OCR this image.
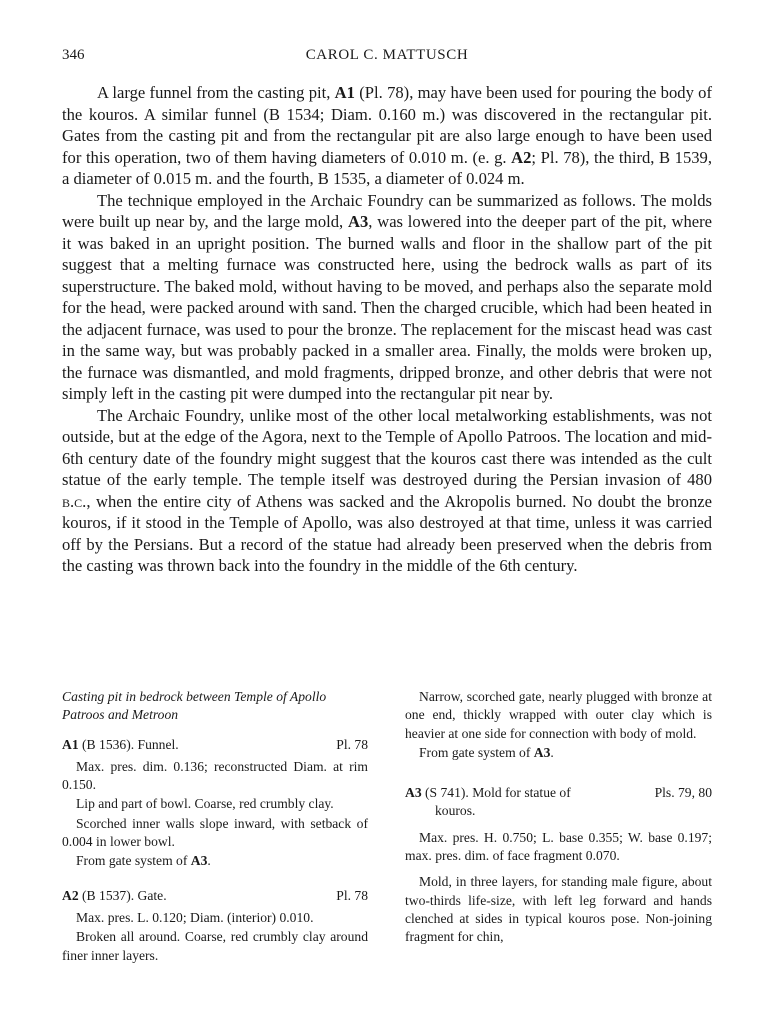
346	CAROL C. MATTUSCH

A large funnel from the casting pit, A1 (Pl. 78), may have been used for pouring the body of the kouros. A similar funnel (B 1534; Diam. 0.160 m.) was discovered in the rectangular pit. Gates from the casting pit and from the rectangular pit are also large enough to have been used for this operation, two of them having diameters of 0.010 m. (e. g. A2; Pl. 78), the third, B 1539, a diameter of 0.015 m. and the fourth, B 1535, a diameter of 0.024 m.

The technique employed in the Archaic Foundry can be summarized as follows. The molds were built up near by, and the large mold, A3, was lowered into the deeper part of the pit, where it was baked in an upright position. The burned walls and floor in the shallow part of the pit suggest that a melting furnace was constructed here, using the bedrock walls as part of its superstructure. The baked mold, without having to be moved, and perhaps also the separate mold for the head, were packed around with sand. Then the charged crucible, which had been heated in the adjacent furnace, was used to pour the bronze. The replacement for the miscast head was cast in the same way, but was probably packed in a smaller area. Finally, the molds were broken up, the furnace was dismantled, and mold fragments, dripped bronze, and other debris that were not simply left in the casting pit were dumped into the rectangular pit near by.

The Archaic Foundry, unlike most of the other local metalworking establishments, was not outside, but at the edge of the Agora, next to the Temple of Apollo Patroos. The location and mid-6th century date of the foundry might suggest that the kouros cast there was intended as the cult statue of the early temple. The temple itself was destroyed during the Persian invasion of 480 b.c., when the entire city of Athens was sacked and the Akropolis burned. No doubt the bronze kouros, if it stood in the Temple of Apollo, was also destroyed at that time, unless it was carried off by the Persians. But a record of the statue had already been preserved when the debris from the casting was thrown back into the foundry in the middle of the 6th century.

Casting pit in bedrock between Temple of Apollo Patroos and Metroon
A1 (B 1536). Funnel.	Pl. 78

Max. pres. dim. 0.136; reconstructed Diam. at rim 0.150.

Lip and part of bowl. Coarse, red crumbly clay.

Scorched inner walls slope inward, with setback of 0.004 in lower bowl.

From gate system of A3.

A2 (B 1537). Gate.	Pl. 78

Max. pres. L. 0.120; Diam. (interior) 0.010.

Broken all around. Coarse, red crumbly clay around finer inner layers.

Narrow, scorched gate, nearly plugged with bronze at one end, thickly wrapped with outer clay which is heavier at one side for connection with body of mold.

From gate system of A3.

A3 (S 741). Mold for statue of
kouros.
Pls. 79, 80

Max. pres. H. 0.750; L. base 0.355; W. base 0.197; max. pres. dim. of face fragment 0.070.

Mold, in three layers, for standing male figure, about two-thirds life-size, with left leg forward and hands clenched at sides in typical kouros pose. Non-joining fragment for chin,
